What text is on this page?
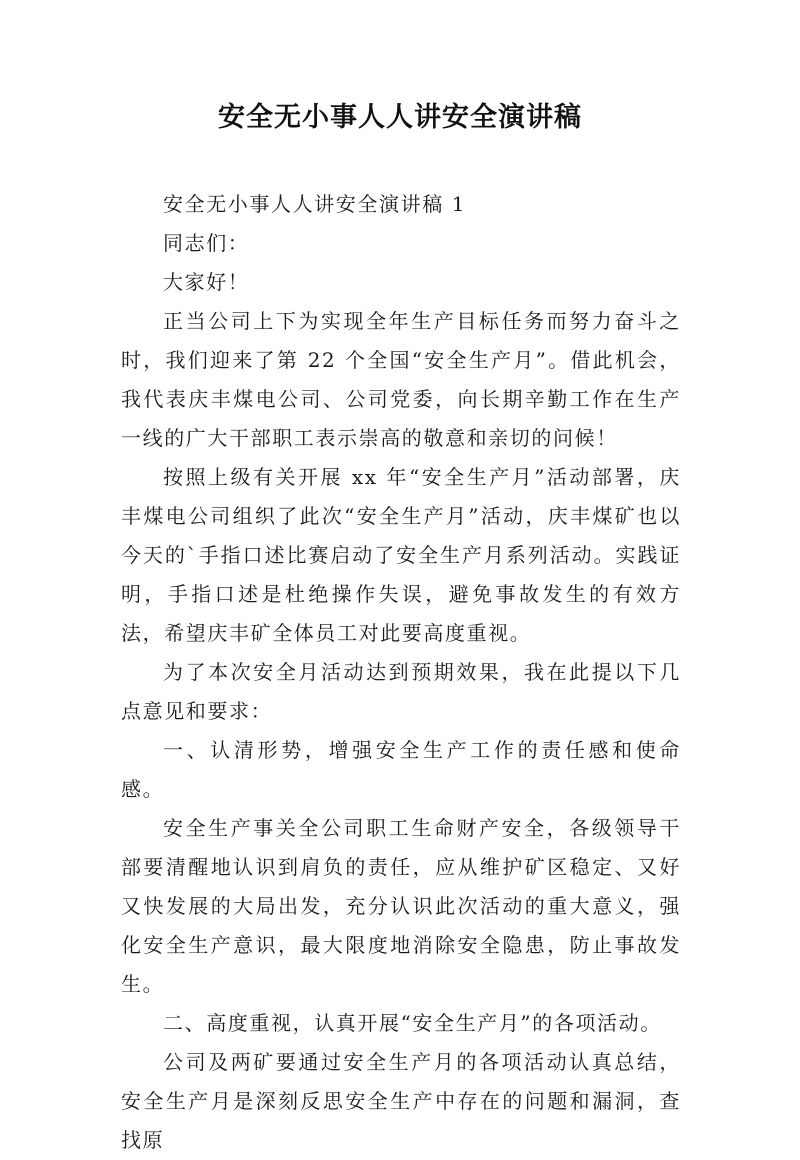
安全无小事人人讲安全演讲稿

安全无小事人人讲安全演讲稿 1

同志们：

大家好！

正当公司上下为实现全年生产目标任务而努力奋斗之时，我们迎来了第 22 个全国“安全生产月”。借此机会，我代表庆丰煤电公司、公司党委，向长期辛勤工作在生产一线的广大干部职工表示崇高的敬意和亲切的问候！

按照上级有关开展 xx 年“安全生产月”活动部署，庆丰煤电公司组织了此次“安全生产月”活动，庆丰煤矿也以今天的`手指口述比赛启动了安全生产月系列活动。实践证明，手指口述是杜绝操作失误，避免事故发生的有效方法，希望庆丰矿全体员工对此要高度重视。

为了本次安全月活动达到预期效果，我在此提以下几点意见和要求：

一、认清形势，增强安全生产工作的责任感和使命感。

安全生产事关全公司职工生命财产安全，各级领导干部要清醒地认识到肩负的责任，应从维护矿区稳定、又好又快发展的大局出发，充分认识此次活动的重大意义，强化安全生产意识，最大限度地消除安全隐患，防止事故发生。

二、高度重视，认真开展“安全生产月”的各项活动。

公司及两矿要通过安全生产月的各项活动认真总结，安全生产月是深刻反思安全生产中存在的问题和漏洞，查找原
